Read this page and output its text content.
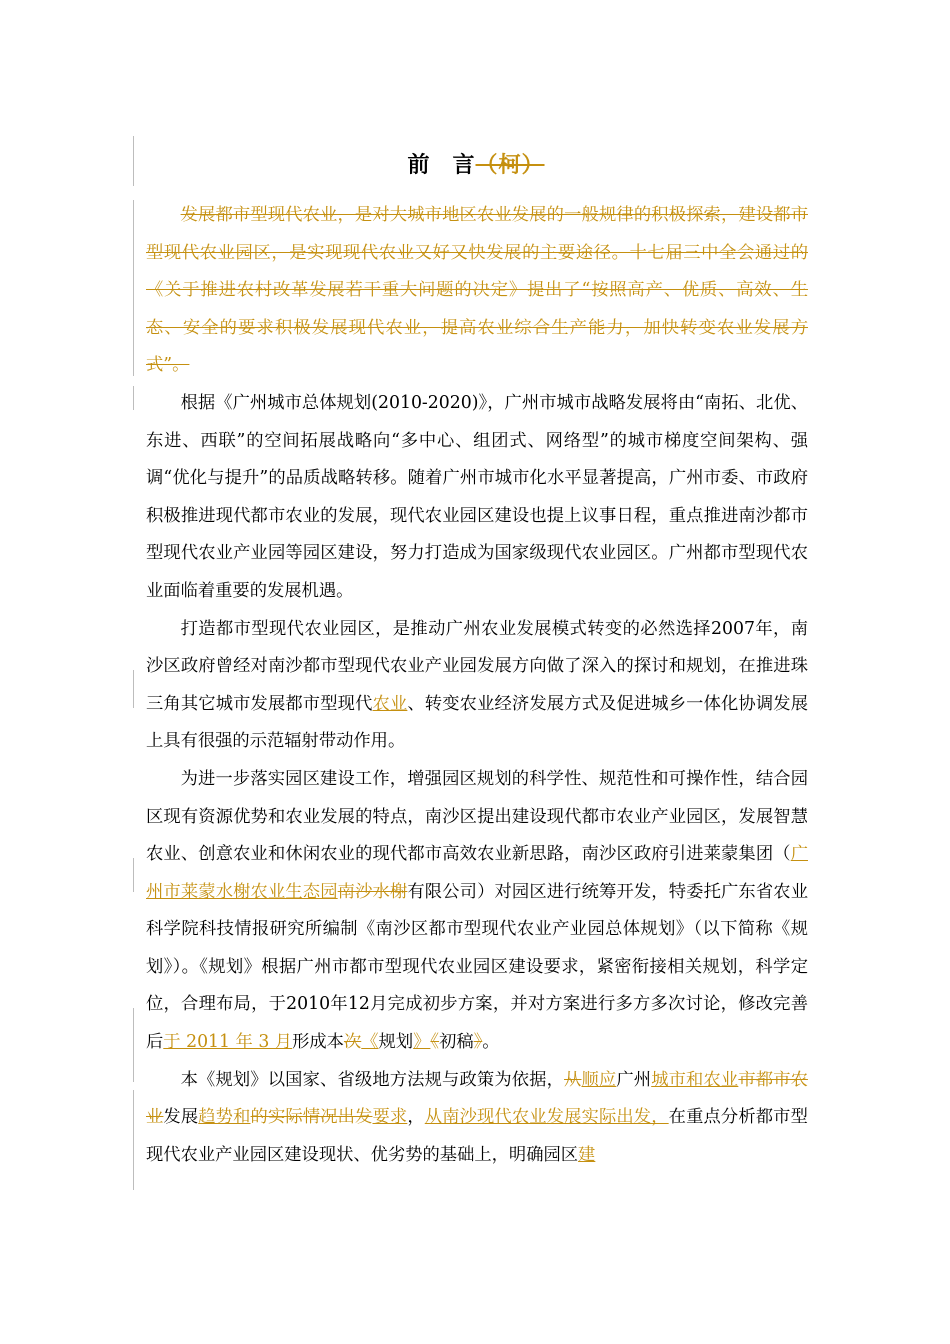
前 言（柯）

发展都市型现代农业，是对大城市地区农业发展的一般规律的积极探索，建设都市型现代农业园区，是实现现代农业又好又快发展的主要途径。十七届三中全会通过的《关于推进农村改革发展若干重大问题的决定》提出了“按照高产、优质、高效、生态、安全的要求积极发展现代农业，提高农业综合生产能力，加快转变农业发展方式”。

根据《广州城市总体规划(2010-2020)》，广州市城市战略发展将由“南拓、北优、东进、西联”的空间拓展战略向“多中心、组团式、网络型”的城市梯度空间架构、强调“优化与提升”的品质战略转移。随着广州市城市化水平显著提高，广州市委、市政府积极推进现代都市农业的发展，现代农业园区建设也提上议事日程，重点推进南沙都市型现代农业产业园等园区建设，努力打造成为国家级现代农业园区。广州都市型现代农业面临着重要的发展机遇。

打造都市型现代农业园区，是推动广州农业发展模式转变的必然选择2007年，南沙区政府曾经对南沙都市型现代农业产业园发展方向做了深入的探讨和规划，在推进珠三角其它城市发展都市型现代农业、转变农业经济发展方式及促进城乡一体化协调发展上具有很强的示范辐射带动作用。

为进一步落实园区建设工作，增强园区规划的科学性、规范性和可操作性，结合园区现有资源优势和农业发展的特点，南沙区提出建设现代都市农业产业园区，发展智慧农业、创意农业和休闲农业的现代都市高效农业新思路，南沙区政府引进莱蒙集团（广州市莱蒙水榭农业生态园南沙水榭有限公司）对园区进行统筹开发，特委托广东省农业科学院科技情报研究所编制《南沙区都市型现代农业产业园总体规划》（以下简称《规划》）。《规划》根据广州市都市型现代农业园区建设要求，紧密衔接相关规划，科学定位，合理布局，于2010年12月完成初步方案，并对方案进行多方多次讨论，修改完善后于 2011 年 3 月形成本次《规划》《初稿》。

本《规划》以国家、省级地方法规与政策为依据，从顺应广州城市和农业市都市农业发展趋势和的实际情况出发要求，从南沙现代农业发展实际出发，在重点分析都市型现代农业产业园区建设现状、优劣势的基础上，明确园区建
